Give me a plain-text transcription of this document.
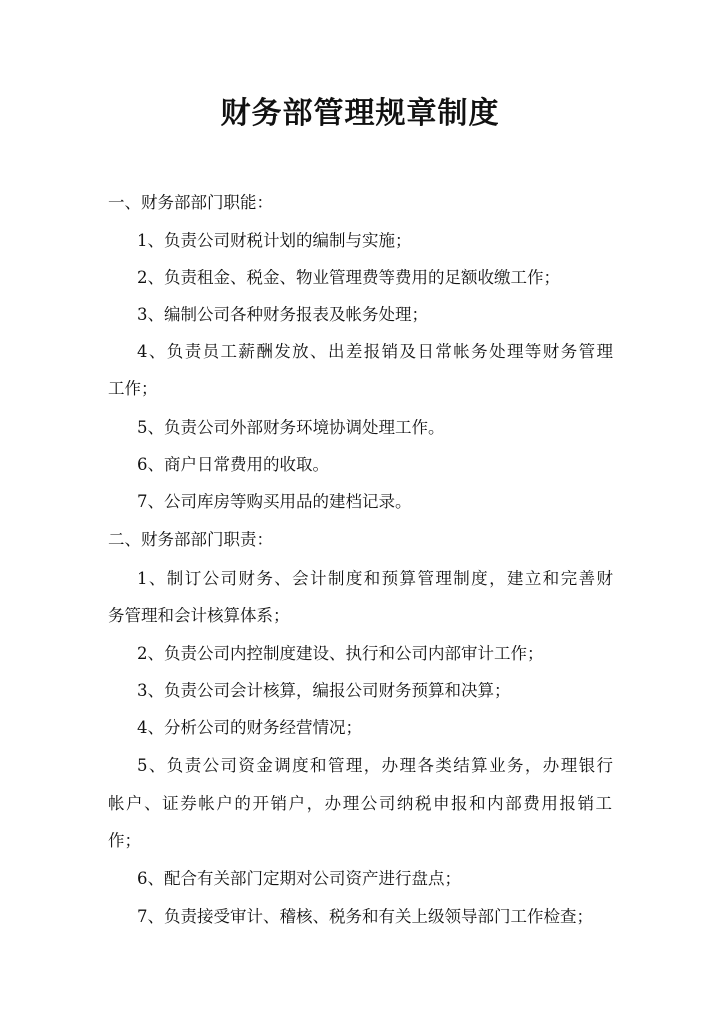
财务部管理规章制度
一、财务部部门职能：
1、负责公司财税计划的编制与实施；
2、负责租金、税金、物业管理费等费用的足额收缴工作；
3、编制公司各种财务报表及帐务处理；
4、负责员工薪酬发放、出差报销及日常帐务处理等财务管理
工作；
5、负责公司外部财务环境协调处理工作。
6、商户日常费用的收取。
7、公司库房等购买用品的建档记录。
二、财务部部门职责：
1、制订公司财务、会计制度和预算管理制度，建立和完善财
务管理和会计核算体系；
2、负责公司内控制度建设、执行和公司内部审计工作；
3、负责公司会计核算，编报公司财务预算和决算；
4、分析公司的财务经营情况；
5、负责公司资金调度和管理，办理各类结算业务，办理银行
帐户、证券帐户的开销户，办理公司纳税申报和内部费用报销工
作；
6、配合有关部门定期对公司资产进行盘点；
7、负责接受审计、稽核、税务和有关上级领导部门工作检查；
